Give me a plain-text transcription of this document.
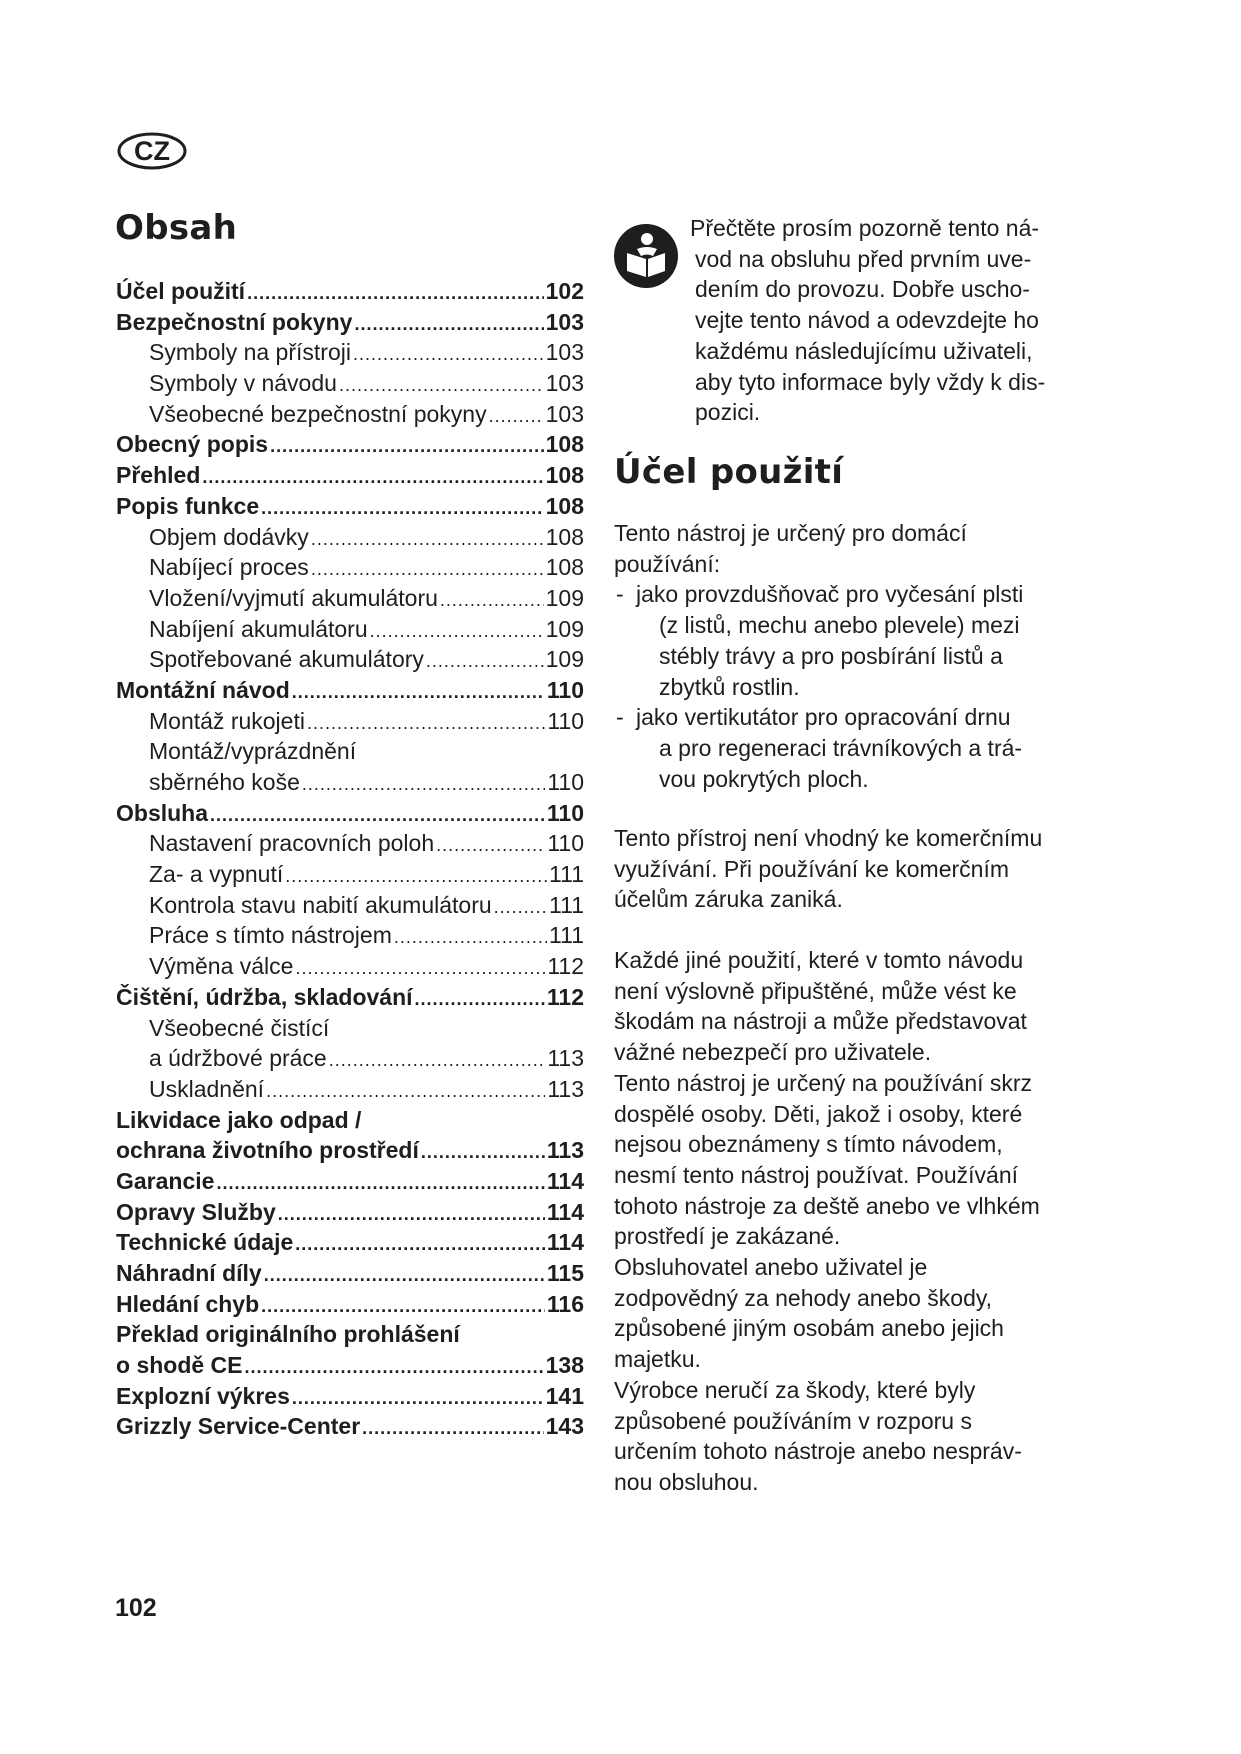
CZ
Obsah
Účel použití .....	102
Bezpečnostní pokyny .....	103
Symboly na přístroji .....	103
Symboly v návodu .....	103
Všeobecné bezpečnostní pokyny .....	103
Obecný popis .....	108
Přehled .....	108
Popis funkce .....	108
Objem dodávky .....	108
Nabíjecí proces .....	108
Vložení/vyjmutí akumulátoru .....	109
Nabíjení akumulátoru .....	109
Spotřebované akumulátory .....	109
Montážní návod .....	110
Montáž rukojeti .....	110
Montáž/vyprázdnění
sběrného koše .....	110
Obsluha .....	110
Nastavení pracovních poloh .....	110
Za- a vypnutí .....	111
Kontrola stavu nabití akumulátoru ..... 111
Práce s tímto nástrojem .....	111
Výměna válce .....	112
Čištění, údržba, skladování .....	112
Všeobecné čistící
a údržbové práce .....	113
Uskladnění .....	113
Likvidace jako odpad /
ochrana životního prostředí .....	113
Garancie .....	114
Opravy Služby .....	114
Technické údaje .....	114
Náhradní díly .....	115
Hledání chyb .....	116
Překlad originálního prohlášení
o shodě CE .....	138
Explozní výkres .....	141
Grizzly Service-Center .....	143
Přečtěte prosím pozorně tento ná-
vod na obsluhu před prvním uve-
dením do provozu. Dobře uscho-
vejte tento návod a odevzdejte ho
každému následujícímu uživateli,
aby tyto informace byly vždy k dis-
pozici.
Účel použití
Tento nástroj je určený pro domácí
používání:
- jako provzdušňovač pro vyčesání plsti
(z listů, mechu anebo plevele) mezi
stébly trávy a pro posbírání listů a
zbytků rostlin.
- jako vertikutátor pro opracování drnu
a pro regeneraci trávníkových a trá-
vou pokrytých ploch.
Tento přístroj není vhodný ke komerčnímu
využívání. Při používání ke komerčním
účelům záruka zaniká.
Každé jiné použití, které v tomto návodu
není výslovně připuštěné, může vést ke
škodám na nástroji a může představovat
vážné nebezpečí pro uživatele.
Tento nástroj je určený na používání skrz
dospělé osoby. Děti, jakož i osoby, které
nejsou obeznámeny s tímto návodem,
nesmí tento nástroj používat. Používání
tohoto nástroje za deště anebo ve vlhkém
prostředí je zakázané.
Obsluhovatel anebo uživatel je
zodpovědný za nehody anebo škody,
způsobené jiným osobám anebo jejich
majetku.
Výrobce neručí za škody, které byly
způsobené používáním v rozporu s
určením tohoto nástroje anebo nespráv-
nou obsluhou.
102
